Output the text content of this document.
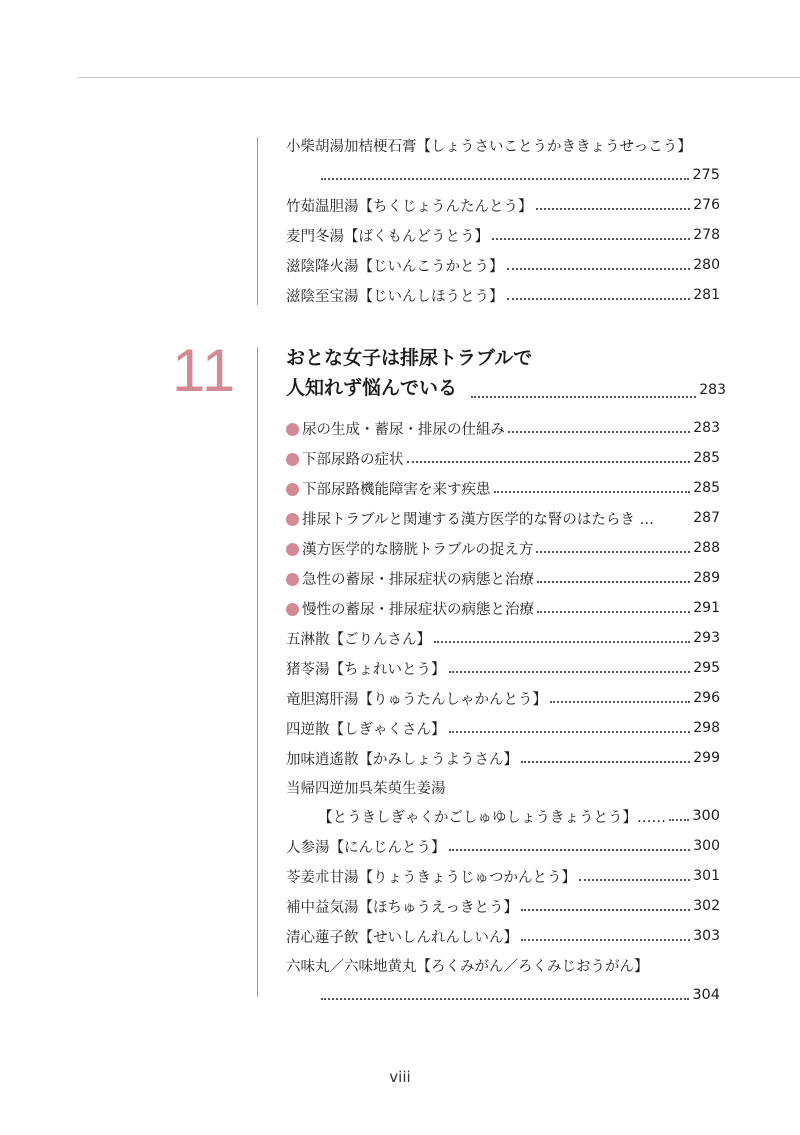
小柴胡湯加桔梗石膏【しょうさいことうかききょうせっこう】
275
竹茹温胆湯【ちくじょうんたんとう】	276
麦門冬湯【ばくもんどうとう】	278
滋陰降火湯【じいんこうかとう】	280
滋陰至宝湯【じいんしほうとう】	281
11	おとな女子は排尿トラブルで
人知れず悩んでいる	283
尿の生成・蓄尿・排尿の仕組み	283
下部尿路の症状	285
下部尿路機能障害を来す疾患	285
排尿トラブルと関連する漢方医学的な腎のはたらき …	287
漢方医学的な膀胱トラブルの捉え方	288
急性の蓄尿・排尿症状の病態と治療	289
慢性の蓄尿・排尿症状の病態と治療	291
五淋散【ごりんさん】	293
猪苓湯【ちょれいとう】	295
竜胆瀉肝湯【りゅうたんしゃかんとう】	296
四逆散【しぎゃくさん】	298
加味逍遙散【かみしょうようさん】	299
当帰四逆加呉茱萸生姜湯
【とうきしぎゃくかごしゅゆしょうきょうとう】…… 300
人参湯【にんじんとう】	300
苓姜朮甘湯【りょうきょうじゅつかんとう】	301
補中益気湯【ほちゅうえっきとう】	302
清心蓮子飲【せいしんれんしいん】	303
六味丸／六味地黄丸【ろくみがん／ろくみじおうがん】
304
viii
